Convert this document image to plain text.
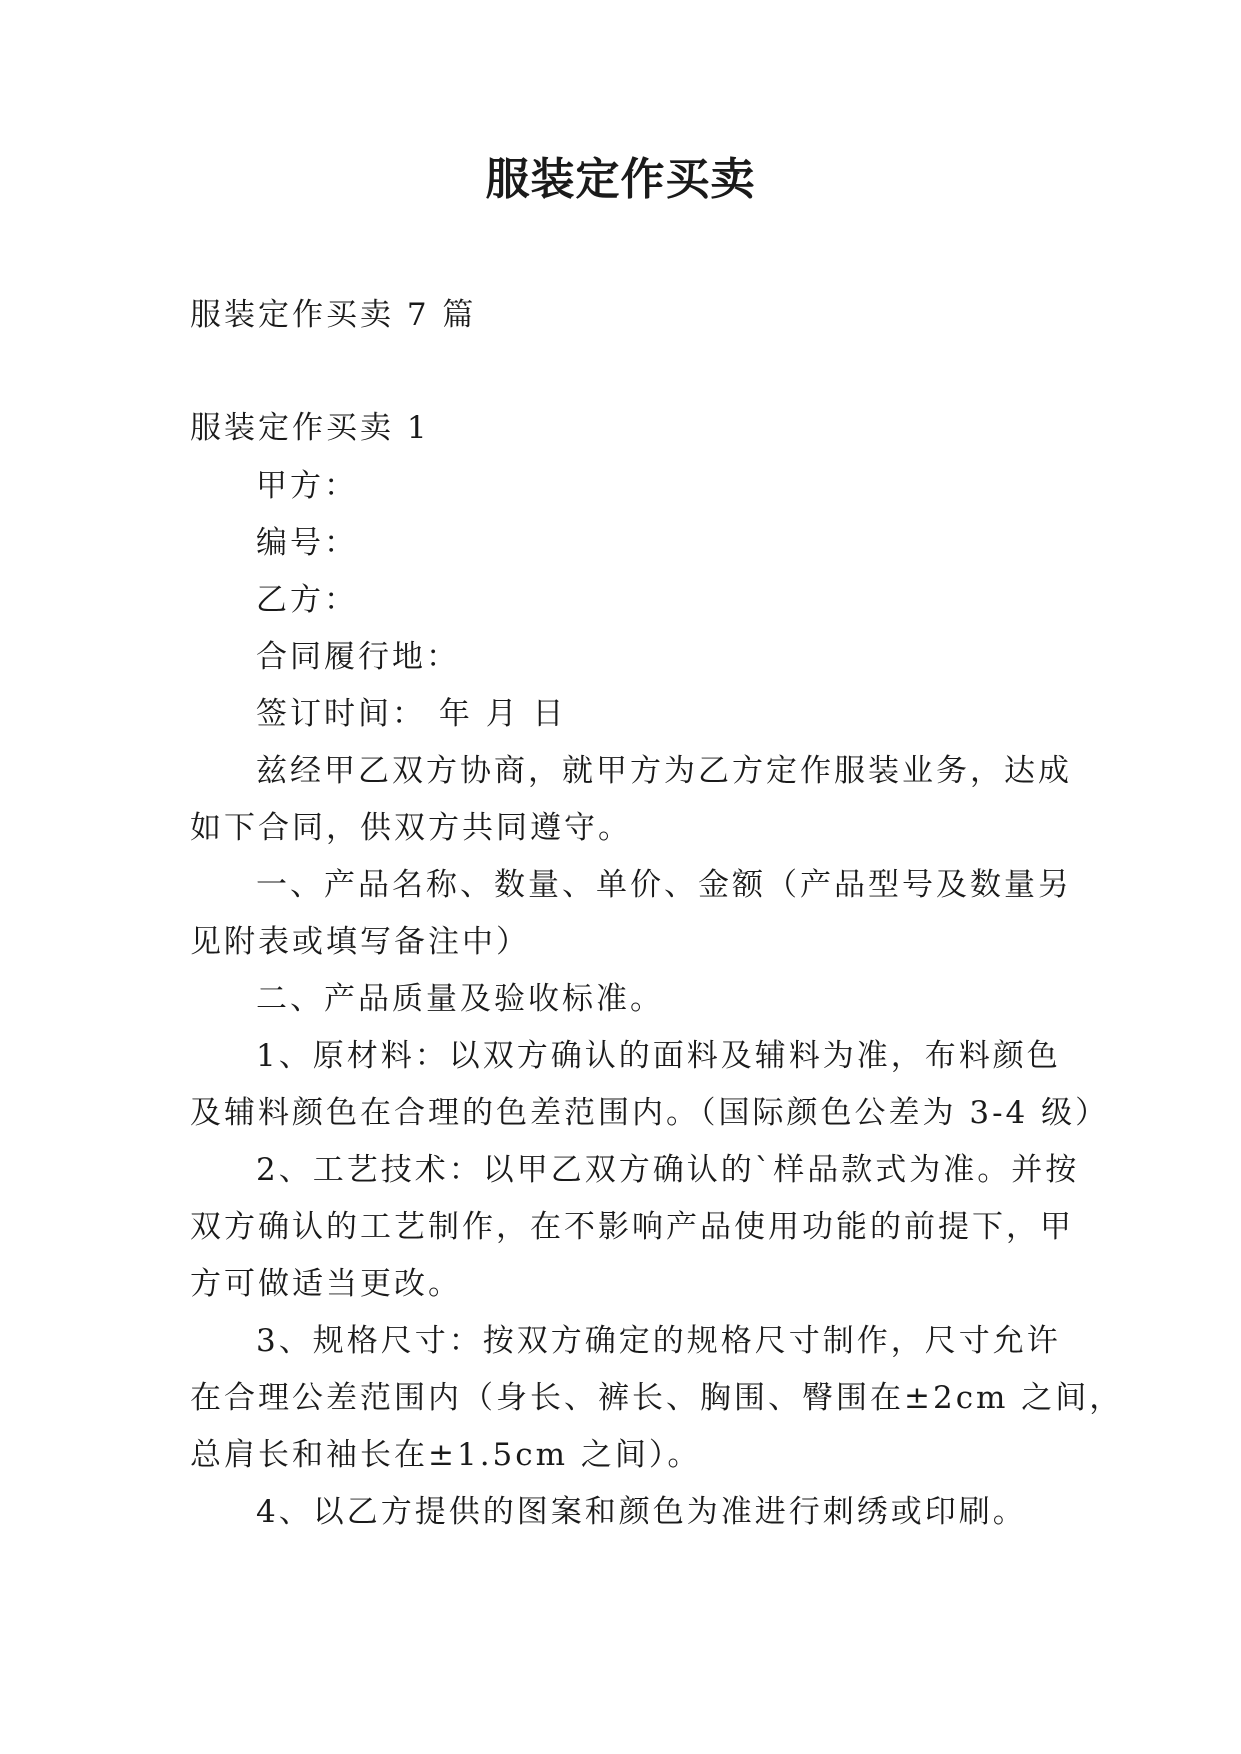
服装定作买卖
服装定作买卖 7 篇
服装定作买卖 1
甲方：
编号：
乙方：
合同履行地：
签订时间： 年 月 日
兹经甲乙双方协商，就甲方为乙方定作服装业务，达成
如下合同，供双方共同遵守。
一、产品名称、数量、单价、金额（产品型号及数量另
见附表或填写备注中）
二、产品质量及验收标准。
1、原材料：以双方确认的面料及辅料为准，布料颜色
及辅料颜色在合理的色差范围内。（国际颜色公差为 3-4 级）
2、工艺技术：以甲乙双方确认的`样品款式为准。并按
双方确认的工艺制作，在不影响产品使用功能的前提下，甲
方可做适当更改。
3、规格尺寸：按双方确定的规格尺寸制作，尺寸允许
在合理公差范围内（身长、裤长、胸围、臀围在±2cm 之间，
总肩长和袖长在±1.5cm 之间）。
4、以乙方提供的图案和颜色为准进行刺绣或印刷。
